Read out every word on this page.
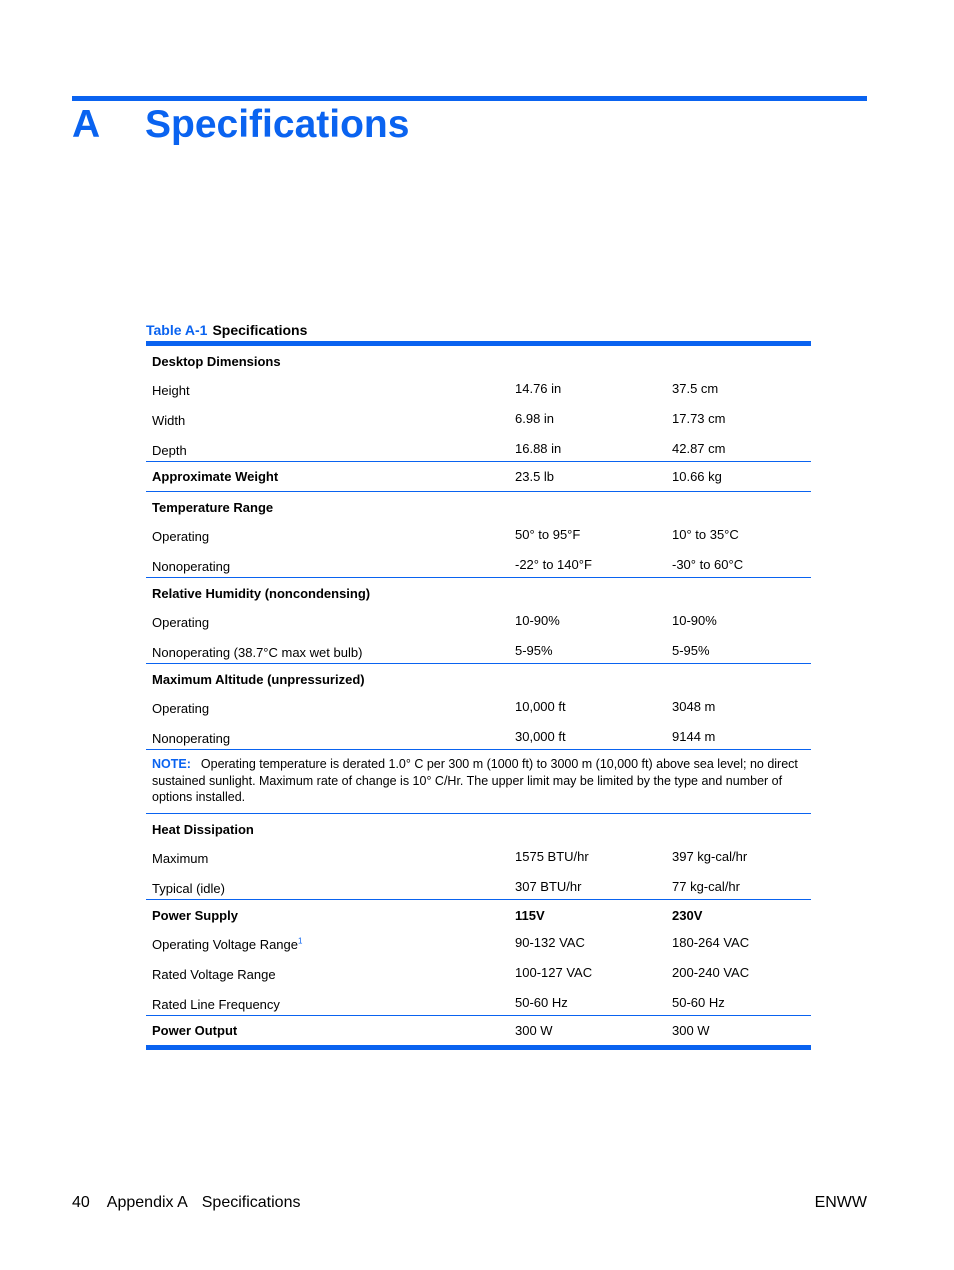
A Specifications
Table A-1 Specifications
Desktop Dimensions
Height	14.76 in	37.5 cm
Width	6.98 in	17.73 cm
Depth	16.88 in	42.87 cm
Approximate Weight	23.5 lb	10.66 kg
Temperature Range
Operating	50° to 95°F	10° to 35°C
Nonoperating	-22° to 140°F	-30° to 60°C
Relative Humidity (noncondensing)
Operating	10-90%	10-90%
Nonoperating (38.7°C max wet bulb)	5-95%	5-95%
Maximum Altitude (unpressurized)
Operating	10,000 ft	3048 m
Nonoperating	30,000 ft	9144 m
NOTE: Operating temperature is derated 1.0° C per 300 m (1000 ft) to 3000 m (10,000 ft) above sea level; no direct sustained sunlight. Maximum rate of change is 10° C/Hr. The upper limit may be limited by the type and number of options installed.
Heat Dissipation
Maximum	1575 BTU/hr	397 kg-cal/hr
Typical (idle)	307 BTU/hr	77 kg-cal/hr
Power Supply	115V	230V
Operating Voltage Range$^1$	90-132 VAC	180-264 VAC
Rated Voltage Range	100-127 VAC	200-240 VAC
Rated Line Frequency	50-60 Hz	50-60 Hz
Power Output	300 W	300 W
40 Appendix A Specifications	ENWW
